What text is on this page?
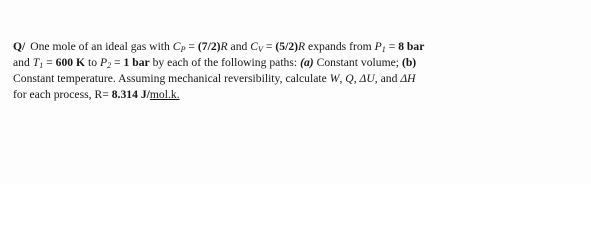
Q/ One mole of an ideal gas with $C_P = (7/2)R$ and $C_V = (5/2)R$ expands from $P_1 = 8$ bar
and $T_1 = 600$ K to $P_2 = 1$ bar by each of the following paths: (a) Constant volume; (b)
Constant temperature. Assuming mechanical reversibility, calculate W, Q, ΔU, and ΔH
for each process, R= 8.314 J/mol.k.
